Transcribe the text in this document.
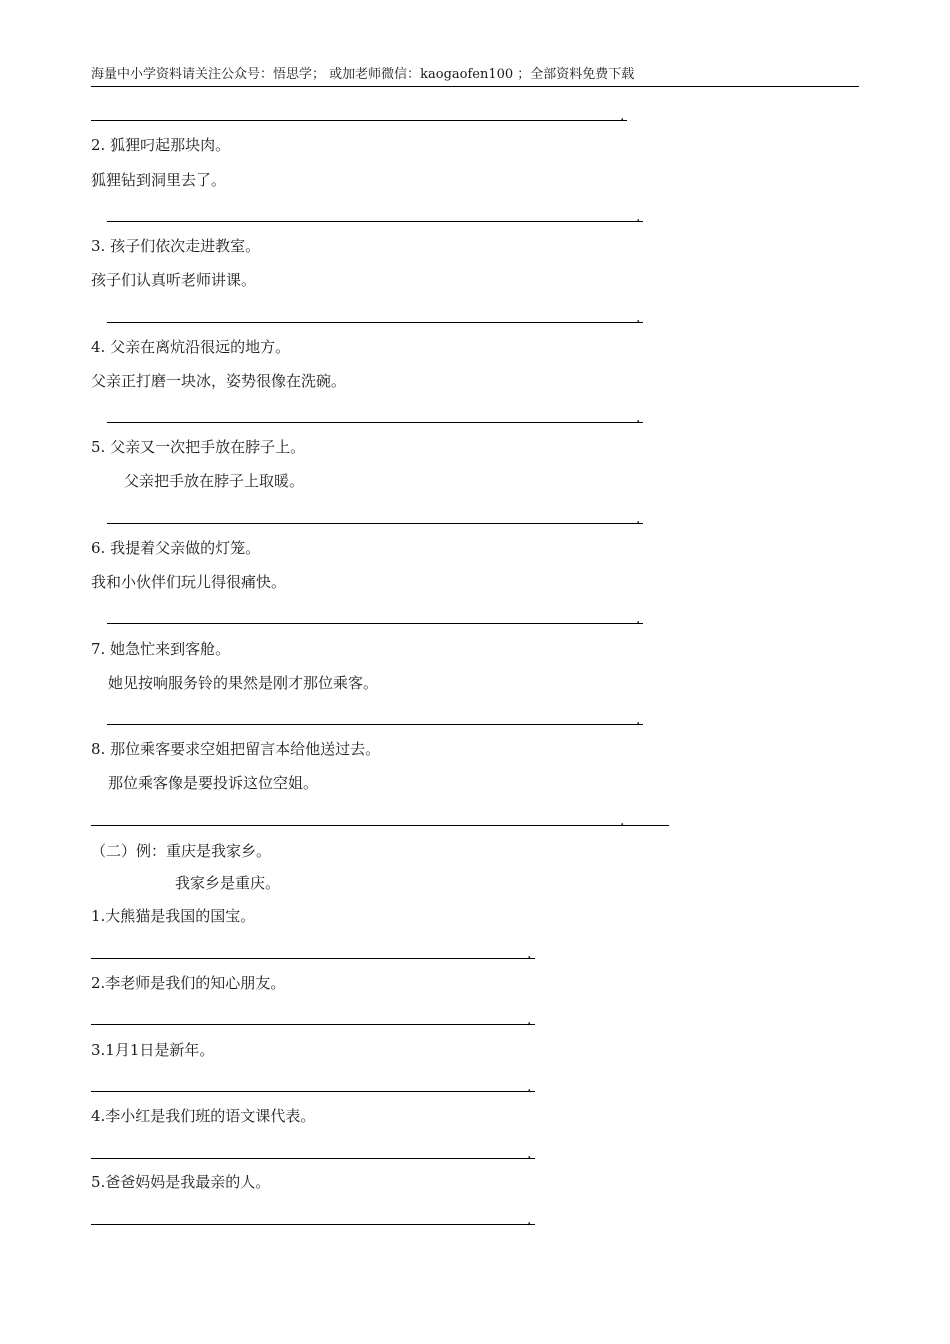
海量中小学资料请关注公众号：悟思学； 或加老师微信：kaogaofen100 ；全部资料免费下载
.
2. 狐狸叼起那块肉。
狐狸钻到洞里去了。
.
3. 孩子们依次走进教室。
孩子们认真听老师讲课。
.
4. 父亲在离炕沿很远的地方。
父亲正打磨一块冰，姿势很像在洗碗。
.
5. 父亲又一次把手放在脖子上。
父亲把手放在脖子上取暖。
.
6. 我提着父亲做的灯笼。
我和小伙伴们玩儿得很痛快。
.
7. 她急忙来到客舱。
她见按响服务铃的果然是刚才那位乘客。
.
8. 那位乘客要求空姐把留言本给他送过去。
那位乘客像是要投诉这位空姐。
.
（二）例：重庆是我家乡。
我家乡是重庆。
1.大熊猫是我国的国宝。
.
2.李老师是我们的知心朋友。
.
3.1月1日是新年。
.
4.李小红是我们班的语文课代表。
.
5.爸爸妈妈是我最亲的人。
.
